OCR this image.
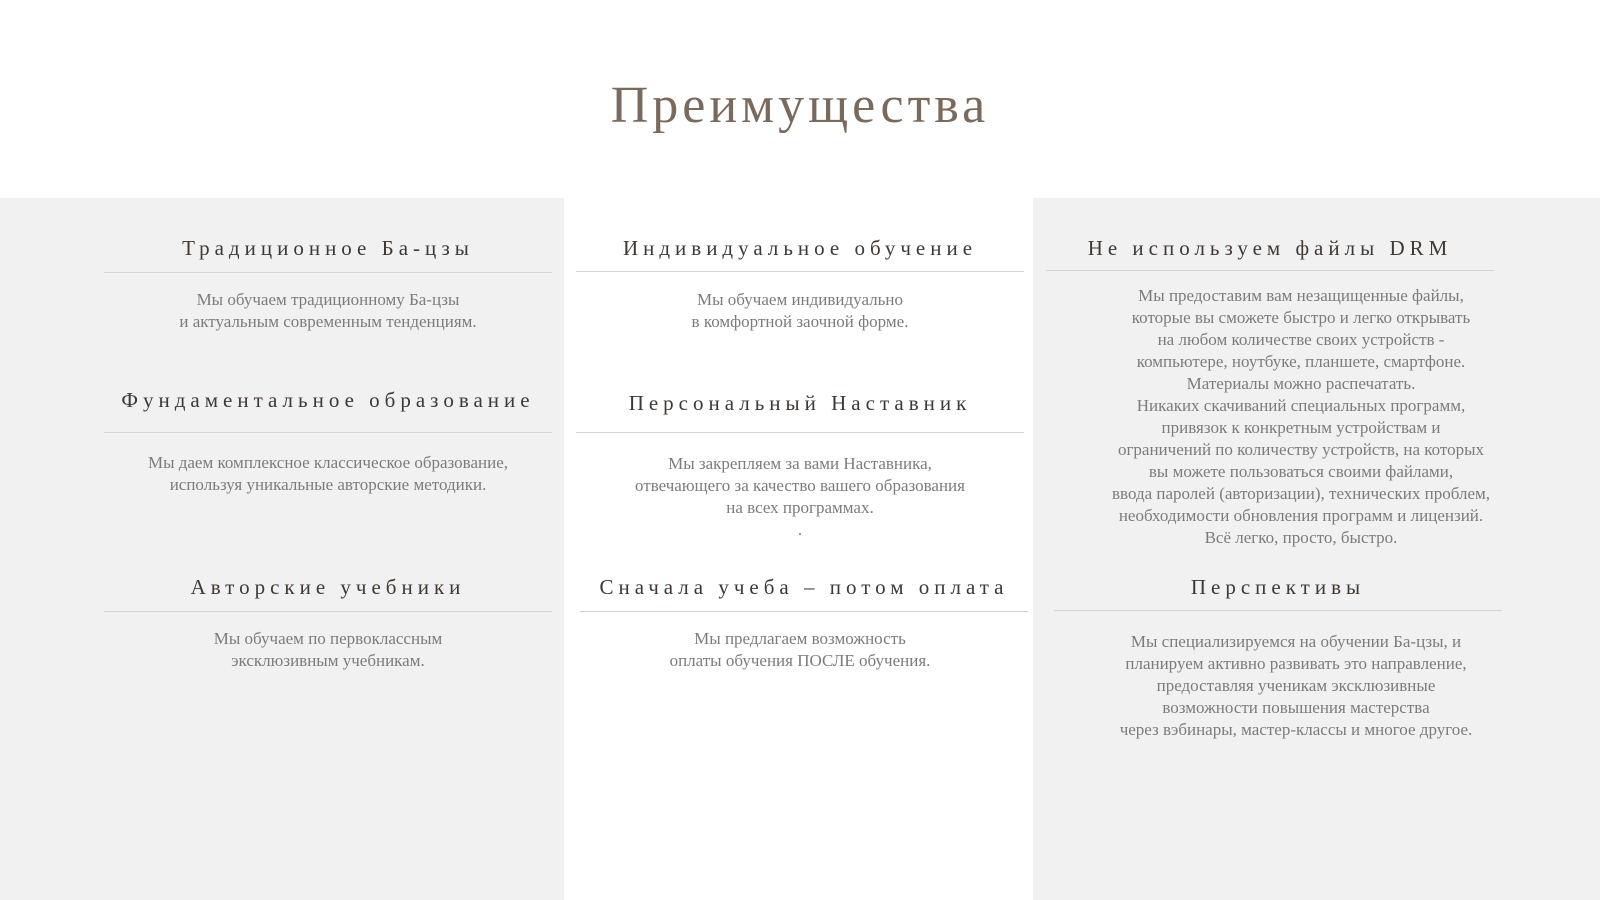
Преимущества
Традиционное Ба-цзы
Мы обучаем традиционному Ба-цзы
и актуальным современным тенденциям.
Фундаментальное образование
Мы даем комплексное классическое образование,
используя уникальные авторские методики.
Авторские учебники
Мы обучаем по первоклассным
эксклюзивным учебникам.
Индивидуальное обучение
Мы обучаем индивидуально
в комфортной заочной форме.
Персональный Наставник
Мы закрепляем за вами Наставника,
отвечающего за качество вашего образования
на всех программах.
.
Сначала учеба – потом оплата
Мы предлагаем возможность
оплаты обучения ПОСЛЕ обучения.
Не используем файлы DRM
Мы предоставим вам незащищенные файлы,
которые вы сможете быстро и легко открывать
на любом количестве своих устройств -
компьютере, ноутбуке, планшете, смартфоне.
Материалы можно распечатать.
Никаких скачиваний специальных программ,
привязок к конкретным устройствам и
ограничений по количеству устройств, на которых
вы можете пользоваться своими файлами,
ввода паролей (авторизации), технических проблем,
необходимости обновления программ и лицензий.
Всё легко, просто, быстро.
Перспективы
Мы специализируемся на обучении Ба-цзы, и
планируем активно развивать это направление,
предоставляя ученикам эксклюзивные
возможности повышения мастерства
через вэбинары, мастер-классы и многое другое.
